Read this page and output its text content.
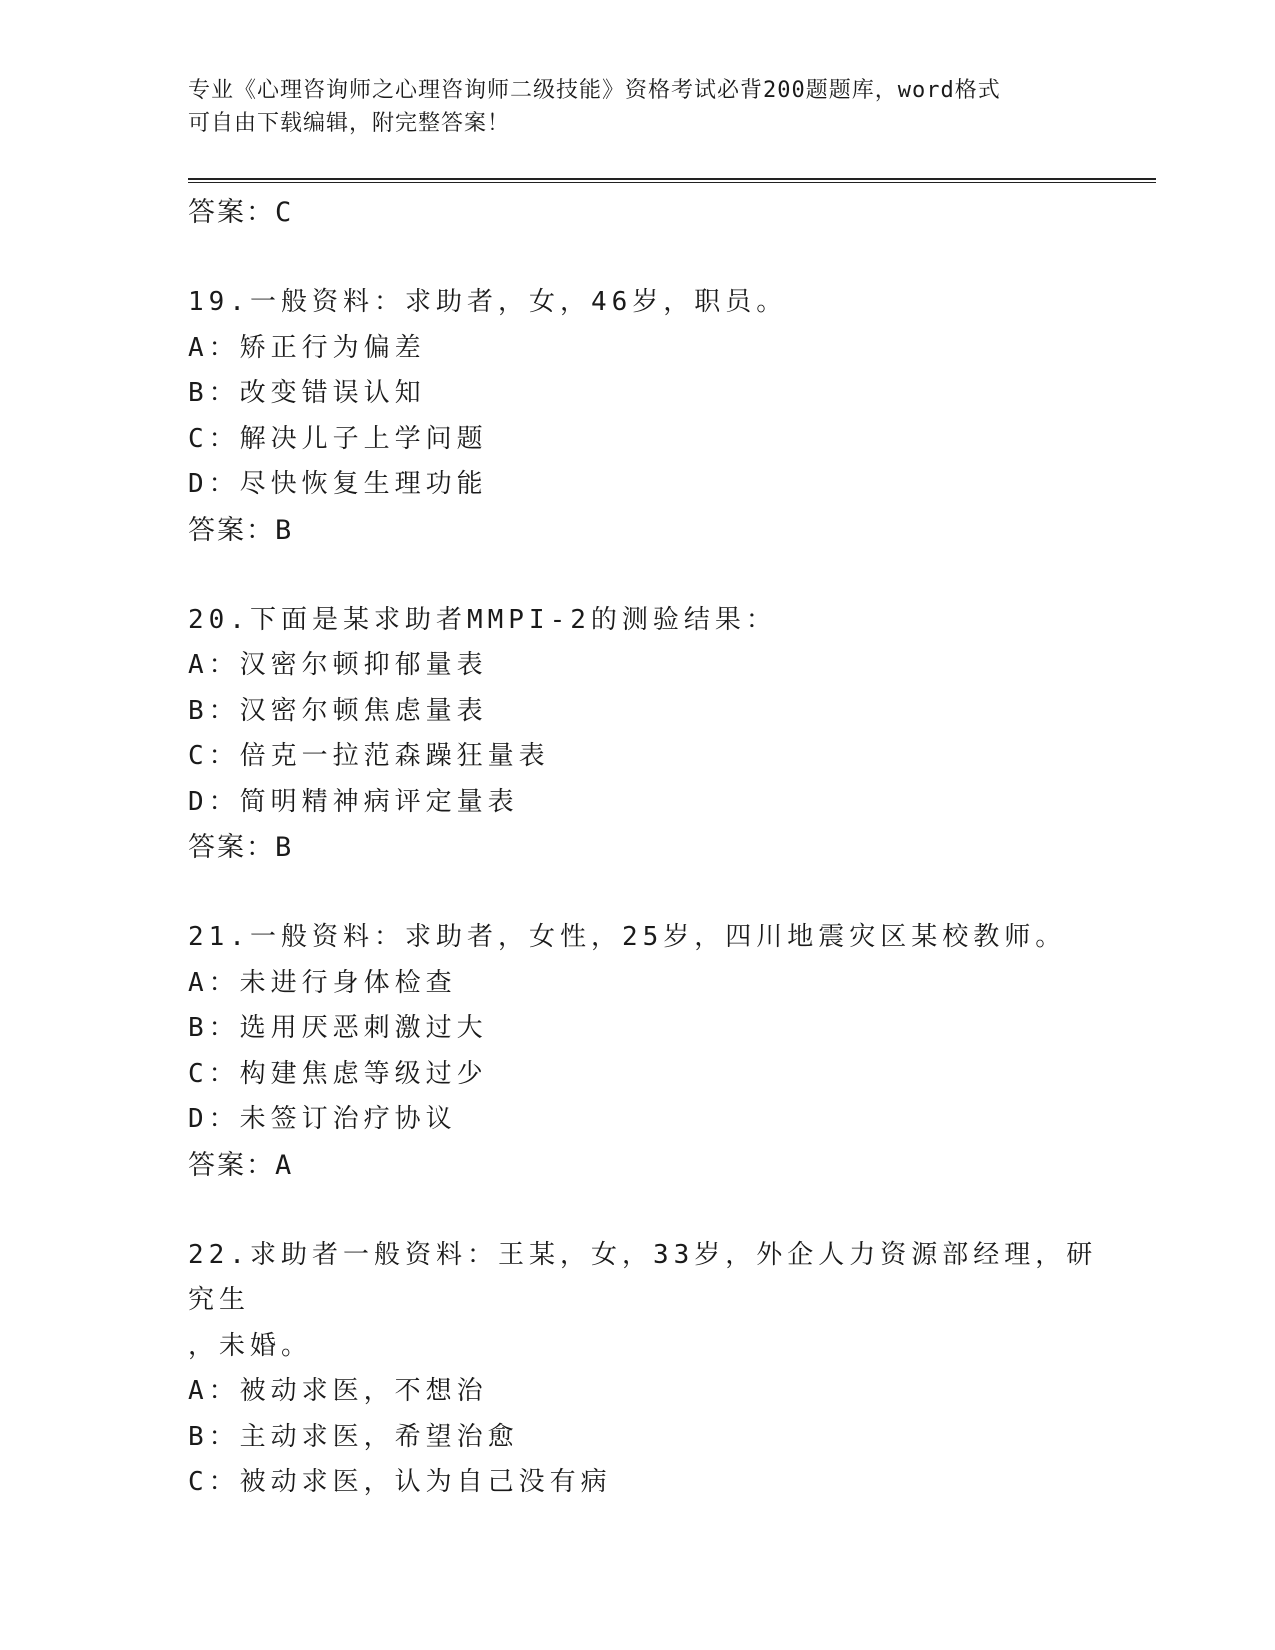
专业《心理咨询师之心理咨询师二级技能》资格考试必背200题题库，word格式
可自由下载编辑，附完整答案！
答案：C

19.一般资料：求助者，女，46岁，职员。

A：矫正行为偏差

B：改变错误认知

C：解决儿子上学问题

D：尽快恢复生理功能

答案：B

20.下面是某求助者MMPI-2的测验结果：

A：汉密尔顿抑郁量表

B：汉密尔顿焦虑量表

C：倍克一拉范森躁狂量表

D：简明精神病评定量表

答案：B

21.一般资料：求助者，女性，25岁，四川地震灾区某校教师。

A：未进行身体检查

B：选用厌恶刺激过大

C：构建焦虑等级过少

D：未签订治疗协议

答案：A

22.求助者一般资料：王某，女，33岁，外企人力资源部经理，研究生

，未婚。

A：被动求医，不想治

B：主动求医，希望治愈

C：被动求医，认为自己没有病
